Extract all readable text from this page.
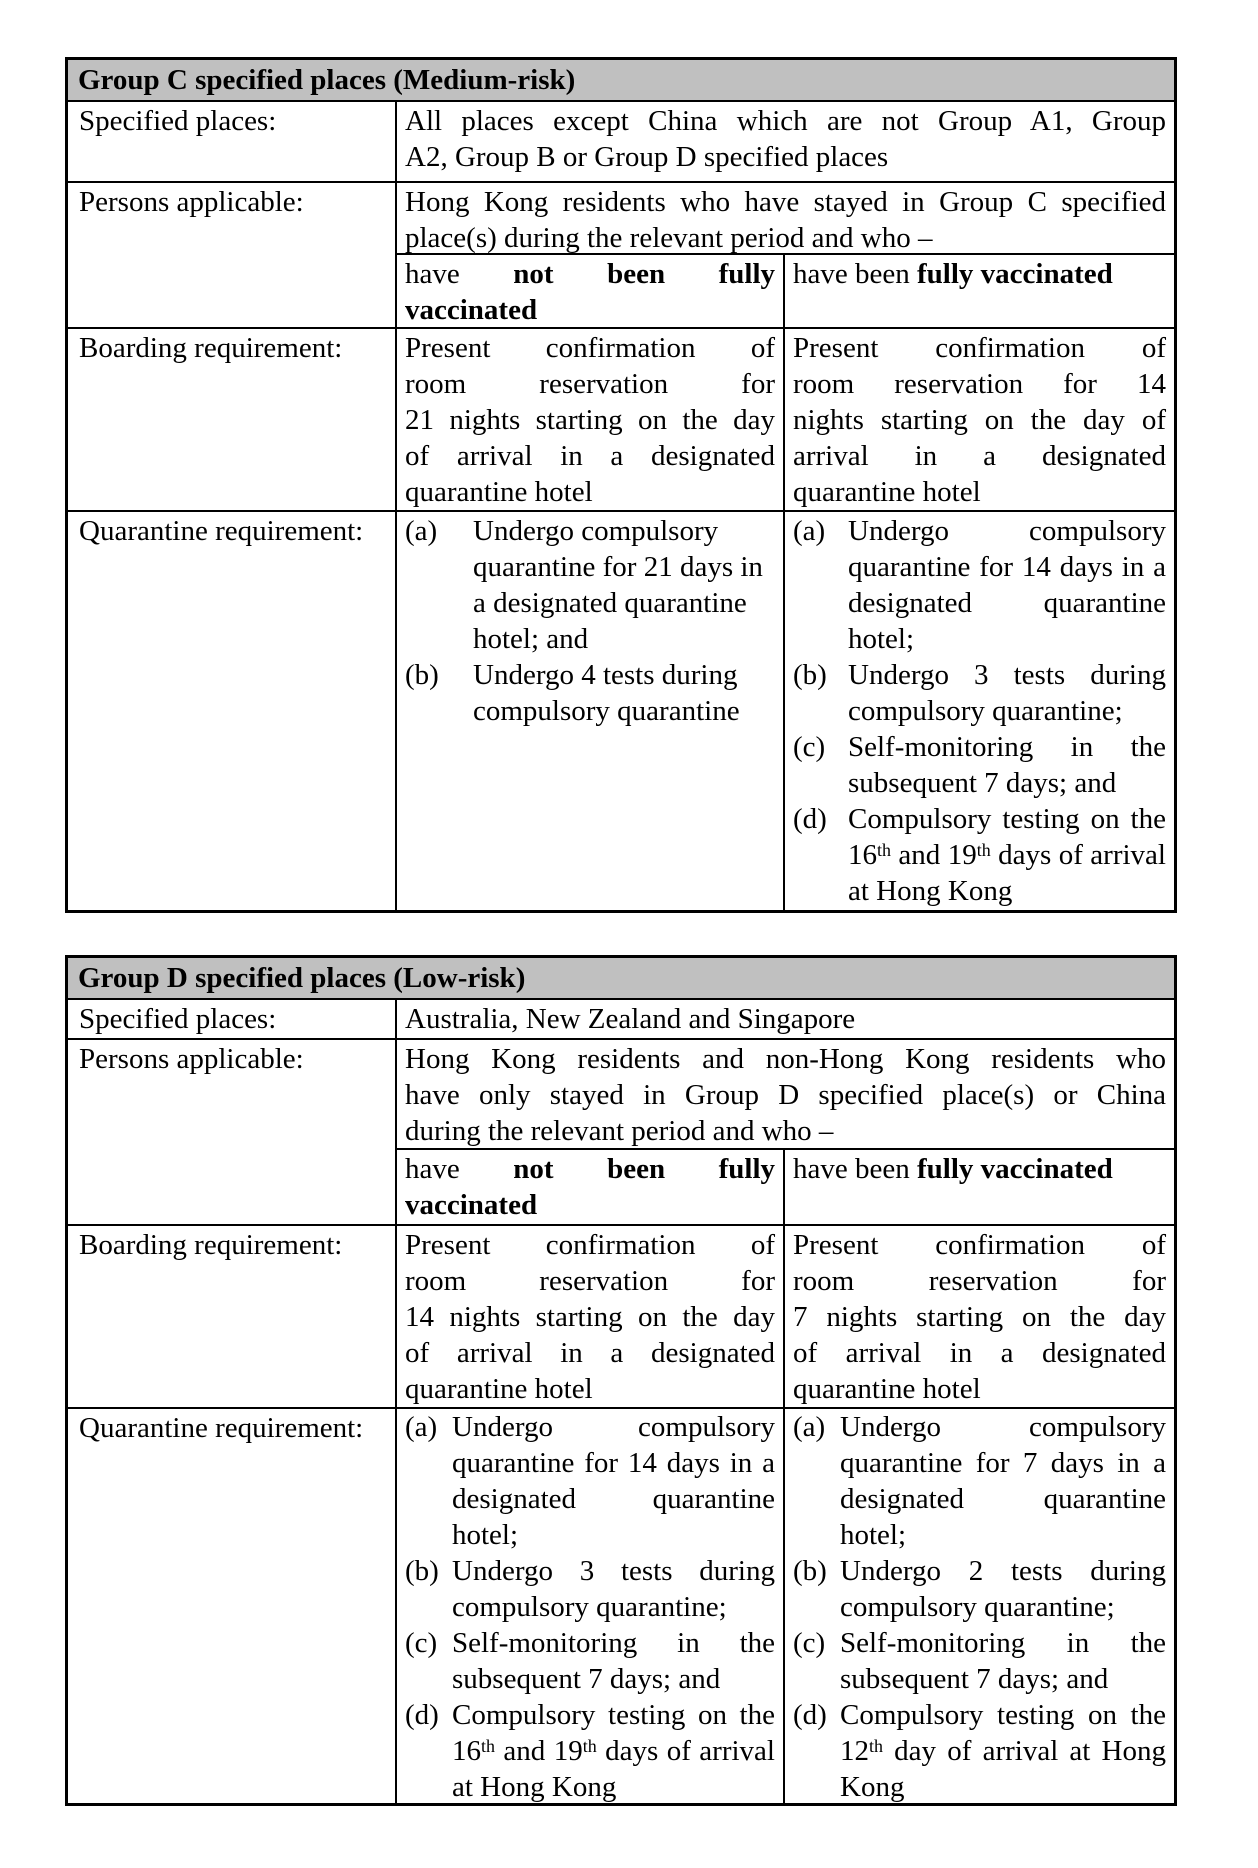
Group C specified places (Medium-risk)
Specified places:	All places except China which are not Group A1, Group
A2, Group B or Group D specified places
Persons applicable:	Hong Kong residents who have stayed in Group C specified
place(s) during the relevant period and who –
have not been fully
vaccinated
have been fully vaccinated
Boarding requirement:	Present confirmation of
room reservation for
21 nights starting on the day
of arrival in a designated
quarantine hotel
Present confirmation of
room reservation for 14
nights starting on the day of
arrival in a designated
quarantine hotel
Quarantine requirement:	(a) Undergo compulsory quarantine for 21 days in a designated quarantine hotel; and
(b) Undergo 4 tests during compulsory quarantine
(a) Undergo compulsory quarantine for 14 days in a designated quarantine hotel;
(b) Undergo 3 tests during compulsory quarantine;
(c) Self-monitoring in the subsequent 7 days; and
(d) Compulsory testing on the 16th and 19th days of arrival at Hong Kong
Group D specified places (Low-risk)
Specified places:	Australia, New Zealand and Singapore
Persons applicable:	Hong Kong residents and non-Hong Kong residents who
have only stayed in Group D specified place(s) or China
during the relevant period and who –
have not been fully
vaccinated
have been fully vaccinated
Boarding requirement:	Present confirmation of
room reservation for
14 nights starting on the day
of arrival in a designated
quarantine hotel
Present confirmation of
room reservation for
7 nights starting on the day
of arrival in a designated
quarantine hotel
Quarantine requirement:	(a) Undergo compulsory quarantine for 14 days in a designated quarantine hotel;
(b) Undergo 3 tests during compulsory quarantine;
(c) Self-monitoring in the subsequent 7 days; and
(d) Compulsory testing on the 16th and 19th days of arrival at Hong Kong
(a) Undergo compulsory quarantine for 7 days in a designated quarantine hotel;
(b) Undergo 2 tests during compulsory quarantine;
(c) Self-monitoring in the subsequent 7 days; and
(d) Compulsory testing on the 12th day of arrival at Hong Kong
